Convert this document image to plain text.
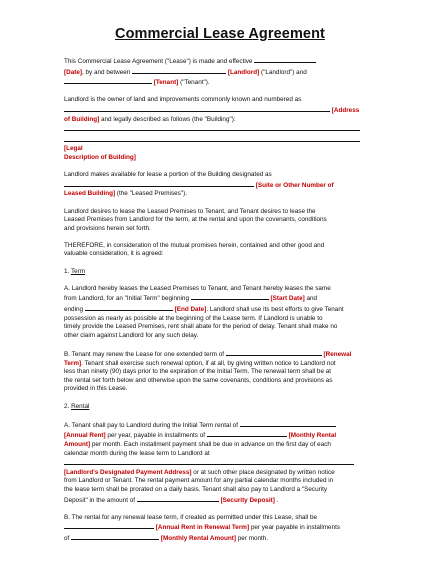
Commercial Lease Agreement

This Commercial Lease Agreement ("Lease") is made and effective

[Date], by and between	[Landlord] ("Landlord") and

[Tenant] ("Tenant").

Landlord is the owner of land and improvements commonly known and numbered as

[Address

of Building] and legally described as follows (the "Building"):

[Legal

Description of Building]

Landlord makes available for lease a portion of the Building designated as

[Suite or Other Number of

Leased Building] (the "Leased Premises").

Landlord desires to lease the Leased Premises to Tenant, and Tenant desires to lease the

Leased Premises from Landlord for the term, at the rental and upon the covenants, conditions

and provisions herein set forth.

THEREFORE, in consideration of the mutual promises herein, contained and other good and

valuable consideration, it is agreed:

1. Term

A. Landlord hereby leases the Leased Premises to Tenant, and Tenant hereby leases the same

from Landlord, for an "Initial Term" beginning	[Start Date] and

ending	[End Date]. Landlord shall use its best efforts to give Tenant

possession as nearly as possible at the beginning of the Lease term. If Landlord is unable to

timely provide the Leased Premises, rent shall abate for the period of delay. Tenant shall make no

other claim against Landlord for any such delay.

B. Tenant may renew the Lease for one extended term of	[Renewal

Term]. Tenant shall exercise such renewal option, if at all, by giving written notice to Landlord not

less than ninety (90) days prior to the expiration of the Initial Term. The renewal term shall be at

the rental set forth below and otherwise upon the same covenants, conditions and provisions as

provided in this Lease.

2. Rental

A. Tenant shall pay to Landlord during the Initial Term rental of

[Annual Rent] per year, payable in installments of	[Monthly Rental

Amount] per month. Each installment payment shall be due in advance on the first day of each

calendar month during the lease term to Landlord at

[Landlord's Designated Payment Address] or at such other place designated by written notice

from Landlord or Tenant. The rental payment amount for any partial calendar months included in

the lease term shall be prorated on a daily basis. Tenant shall also pay to Landlord a "Security

Deposit" in the amount of	[Security Deposit] .

B. The rental for any renewal lease term, if created as permitted under this Lease, shall be

[Annual Rent in Renewal Term] per year payable in installments

of	[Monthly Rental Amount] per month.
